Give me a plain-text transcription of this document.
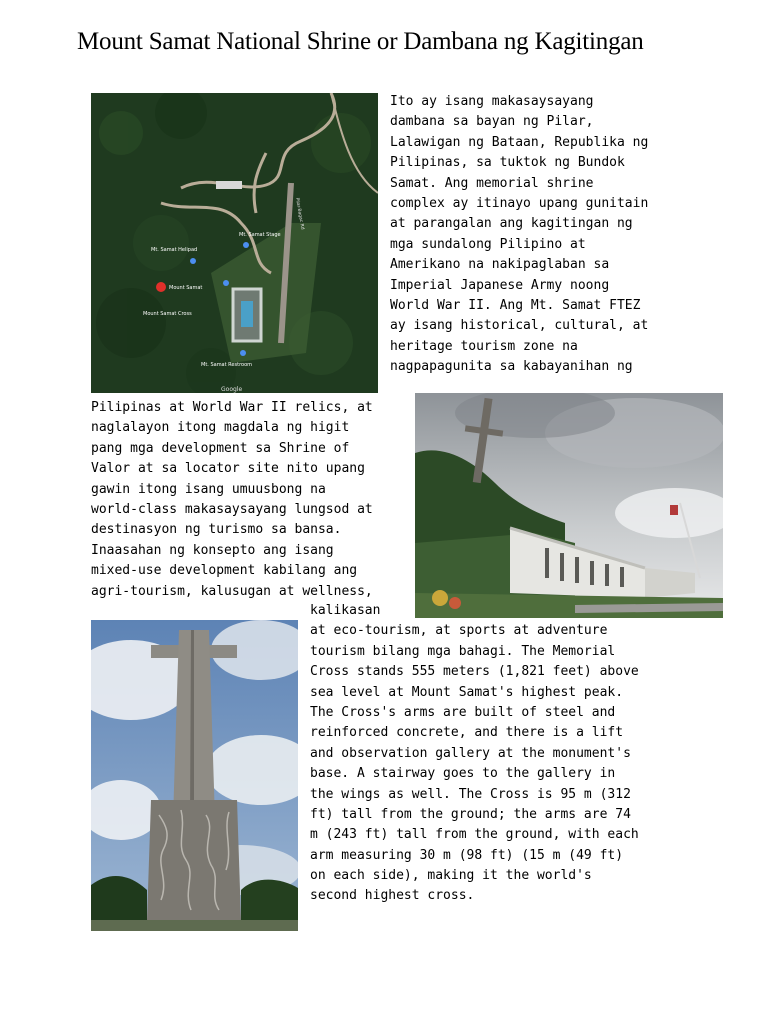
Mount Samat National Shrine or Dambana ng Kagitingan
Mt. Samat Helipad
Mt. Samat Stage
Mount Samat
Mount Samat Cross
Mt. Samat Restroom
Google
Pilar-Bagac Rd
Ito ay isang makasaysayang
dambana sa bayan ng Pilar,
Lalawigan ng Bataan, Republika ng
Pilipinas, sa tuktok ng Bundok
Samat. Ang memorial shrine
complex ay itinayo upang gunitain
at parangalan ang kagitingan ng
mga sundalong Pilipino at
Amerikano na nakipaglaban sa
Imperial Japanese Army noong
World War II. Ang Mt. Samat FTEZ
ay isang historical, cultural, at
heritage tourism zone na
nagpapagunita sa kabayanihan ng
Pilipinas at World War II relics, at
naglalayon itong magdala ng higit
pang mga development sa Shrine of
Valor at sa locator site nito upang
gawin itong isang umuusbong na
world-class makasaysayang lungsod at
destinasyon ng turismo sa bansa.
Inaasahan ng konsepto ang isang
mixed-use development kabilang ang
agri-tourism, kalusugan at wellness,
kalikasan
at eco-tourism, at sports at adventure
tourism bilang mga bahagi. The Memorial
Cross stands 555 meters (1,821 feet) above
sea level at Mount Samat's highest peak.
The Cross's arms are built of steel and
reinforced concrete, and there is a lift
and observation gallery at the monument's
base. A stairway goes to the gallery in
the wings as well. The Cross is 95 m (312
ft) tall from the ground; the arms are 74
m (243 ft) tall from the ground, with each
arm measuring 30 m (98 ft) (15 m (49 ft)
on each side), making it the world's
second highest cross.
